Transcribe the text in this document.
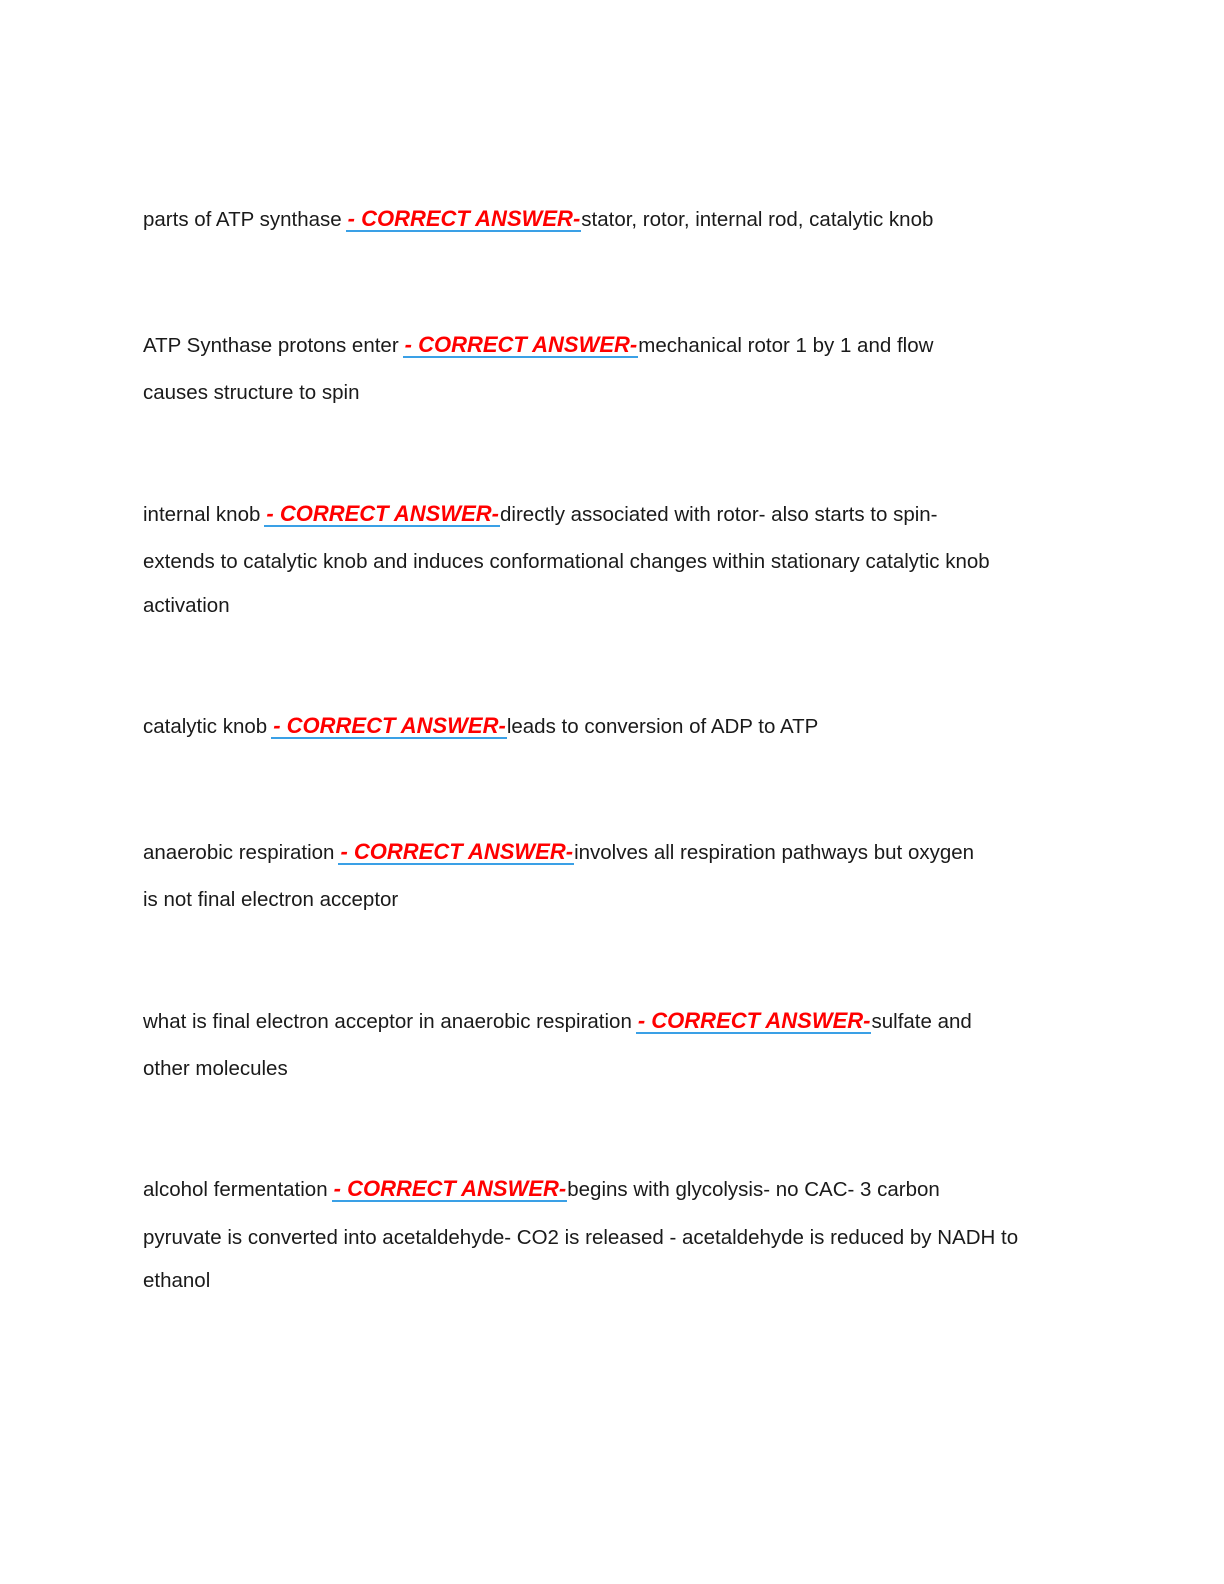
parts of ATP synthase - CORRECT ANSWER-stator, rotor, internal rod, catalytic knob
ATP Synthase protons enter - CORRECT ANSWER-mechanical rotor 1 by 1 and flow
causes structure to spin
internal knob - CORRECT ANSWER-directly associated with rotor- also starts to spin-
extends to catalytic knob and induces conformational changes within stationary catalytic knob
activation
catalytic knob - CORRECT ANSWER-leads to conversion of ADP to ATP
anaerobic respiration - CORRECT ANSWER-involves all respiration pathways but oxygen
is not final electron acceptor
what is final electron acceptor in anaerobic respiration - CORRECT ANSWER-sulfate and
other molecules
alcohol fermentation - CORRECT ANSWER-begins with glycolysis- no CAC- 3 carbon
pyruvate is converted into acetaldehyde- CO2 is released - acetaldehyde is reduced by NADH to
ethanol
